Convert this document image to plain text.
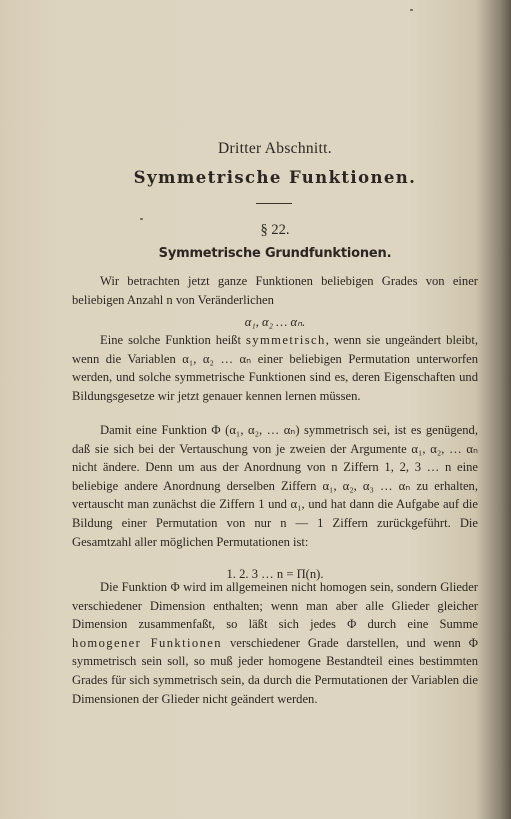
Dritter Abschnitt.
Symmetrische Funktionen.
§ 22.
Symmetrische Grundfunktionen.

Wir betrachten jetzt ganze Funktionen beliebigen Grades von einer beliebigen Anzahl n von Veränderlichen

α₁, α₂ … αₙ.

Eine solche Funktion heißt symmetrisch, wenn sie ungeändert bleibt, wenn die Variablen α₁, α₂ … αₙ einer beliebigen Permutation unterworfen werden, und solche symmetrische Funktionen sind es, deren Eigenschaften und Bildungsgesetze wir jetzt genauer kennen lernen müssen.

Damit eine Funktion Φ (α₁, α₂, … αₙ) symmetrisch sei, ist es genügend, daß sie sich bei der Vertauschung von je zweien der Argumente α₁, α₂, … αₙ nicht ändere. Denn um aus der Anordnung von n Ziffern 1, 2, 3 … n eine beliebige andere Anordnung derselben Ziffern α₁, α₂, α₃ … αₙ zu erhalten, vertauscht man zunächst die Ziffern 1 und α₁, und hat dann die Aufgabe auf die Bildung einer Permutation von nur n — 1 Ziffern zurückgeführt. Die Gesamtzahl aller möglichen Permutationen ist:

1. 2. 3 … n = Π(n).

Die Funktion Φ wird im allgemeinen nicht homogen sein, sondern Glieder verschiedener Dimension enthalten; wenn man aber alle Glieder gleicher Dimension zusammenfaßt, so läßt sich jedes Φ durch eine Summe homogener Funktionen verschiedener Grade darstellen, und wenn Φ symmetrisch sein soll, so muß jeder homogene Bestandteil eines bestimmten Grades für sich symmetrisch sein, da durch die Permutationen der Variablen die Dimensionen der Glieder nicht geändert werden.
